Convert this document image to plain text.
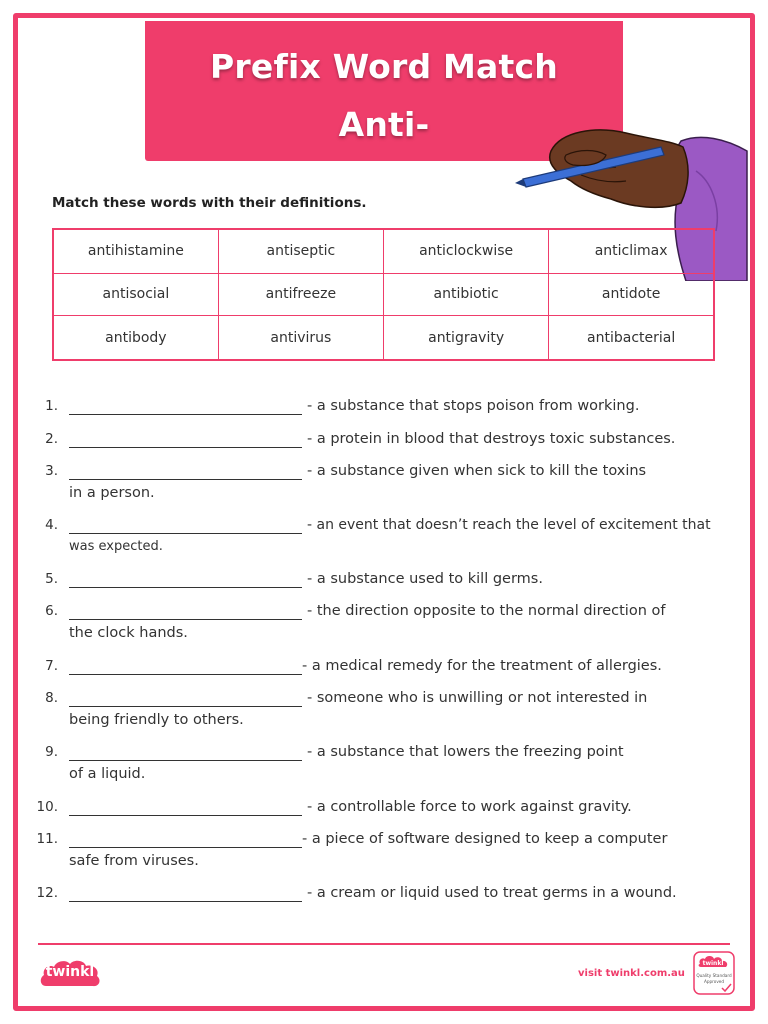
Prefix Word Match
Anti-
Match these words with their definitions.
antihistamine	antiseptic	anticlockwise	anticlimax
antisocial	antifreeze	antibiotic	antidote
antibody	antivirus	antigravity	antibacterial
1.	- a substance that stops poison from working.
2.	- a protein in blood that destroys toxic substances.
3.	- a substance given when sick to kill the toxins
in a person.
4.	- an event that doesn’t reach the level of excitement that
was expected.
5.	- a substance used to kill germs.
6.	- the direction opposite to the normal direction of
the clock hands.
7.	- a medical remedy for the treatment of allergies.
8.	- someone who is unwilling or not interested in
being friendly to others.
9.	- a substance that lowers the freezing point
of a liquid.
10.	- a controllable force to work against gravity.
11.	- a piece of software designed to keep a computer
safe from viruses.
12.	- a cream or liquid used to treat germs in a wound.
twinkl	visit twinkl.com.au
twinkl
Quality Standard
Approved
